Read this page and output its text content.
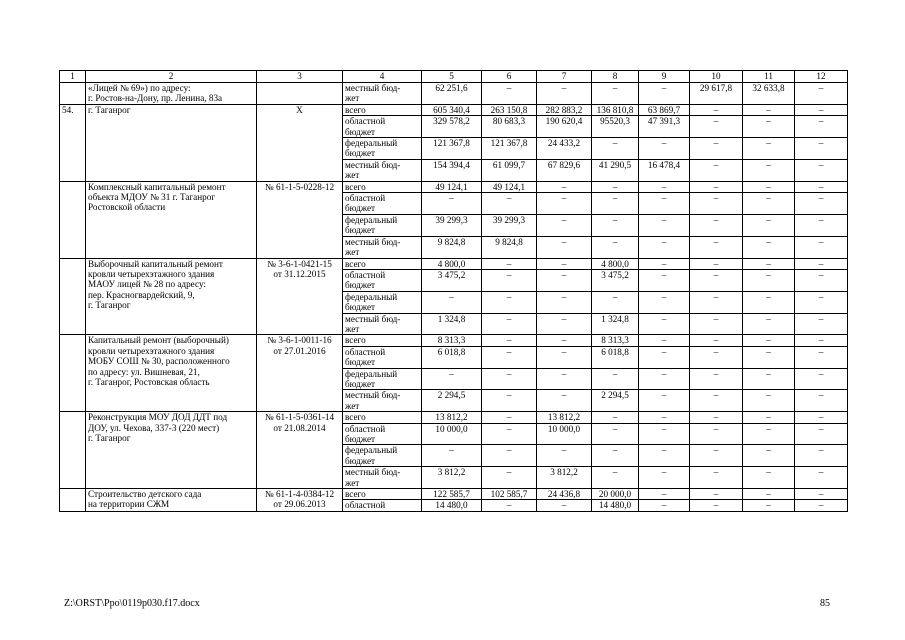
1	2	3	4	5	6	7	8	9	10	11	12
	«Лицей № 69») по адресу:
г. Ростов-на-Дону, пр. Ленина, 83а		местный бюд-
жет	62 251,6	–	–	–	–	29 617,8	32 633,8	–
54.	г. Таганрог	Х	всего	605 340,4	263 150,8	282 883,2	136 810,8	63 869,7	–	–	–
			областной
бюджет	329 578,2	80 683,3	190 620,4	95520,3	47 391,3	–	–	–
			федеральный
бюджет	121 367,8	121 367,8	24 433,2	–	–	–	–	–
			местный бюд-
жет	154 394,4	61 099,7	67 829,6	41 290,5	16 478,4	–	–	–
	Комплексный капитальный ремонт
объекта МДОУ № 31 г. Таганрог
Ростовской области	№ 61-1-5-0228-12	всего	49 124,1	49 124,1	–	–	–	–	–	–
			областной
бюджет	–	–	–	–	–	–	–	–
			федеральный
бюджет	39 299,3	39 299,3	–	–	–	–	–	–
			местный бюд-
жет	9 824,8	9 824,8	–	–	–	–	–	–
	Выборочный капитальный ремонт
кровли четырехэтажного здания
МАОУ лицей № 28 по адресу:
пер. Красногвардейский, 9,
г. Таганрог	№ 3-6-1-0421-15
от 31.12.2015	всего	4 800,0	–	–	4 800,0	–	–	–	–
			областной
бюджет	3 475,2	–	–	3 475,2	–	–	–	–
			федеральный
бюджет	–	–	–	–	–	–	–	–
			местный бюд-
жет	1 324,8	–	–	1 324,8	–	–	–	–
	Капитальный ремонт (выборочный)
кровли четырехэтажного здания
МОБУ СОШ № 30, расположенного
по адресу: ул. Вишневая, 21,
г. Таганрог, Ростовская область	№ 3-6-1-0011-16
от 27.01.2016	всего	8 313,3	–	–	8 313,3	–	–	–	–
			областной
бюджет	6 018,8	–	–	6 018,8	–	–	–	–
			федеральный
бюджет	–	–	–	–	–	–	–	–
			местный бюд-
жет	2 294,5	–	–	2 294,5	–	–	–	–
	Реконструкция МОУ ДОД ДДТ под
ДОУ, ул. Чехова, 337-3 (220 мест)
г. Таганрог	№ 61-1-5-0361-14
от 21.08.2014	всего	13 812,2	–	13 812,2	–	–	–	–	–
			областной
бюджет	10 000,0	–	10 000,0	–	–	–	–	–
			федеральный
бюджет	–	–	–	–	–	–	–	–
			местный бюд-
жет	3 812,2	–	3 812,2	–	–	–	–	–
	Строительство детского сада
на территории СЖМ	№ 61-1-4-0384-12
от 29.06.2013	всего	122 585,7	102 585,7	24 436,8	20 000,0	–	–	–	–
			областной	14 480,0	–	–	14 480,0	–	–	–	–
Z:\ORST\Ppo\0119p030.f17.docx	85
